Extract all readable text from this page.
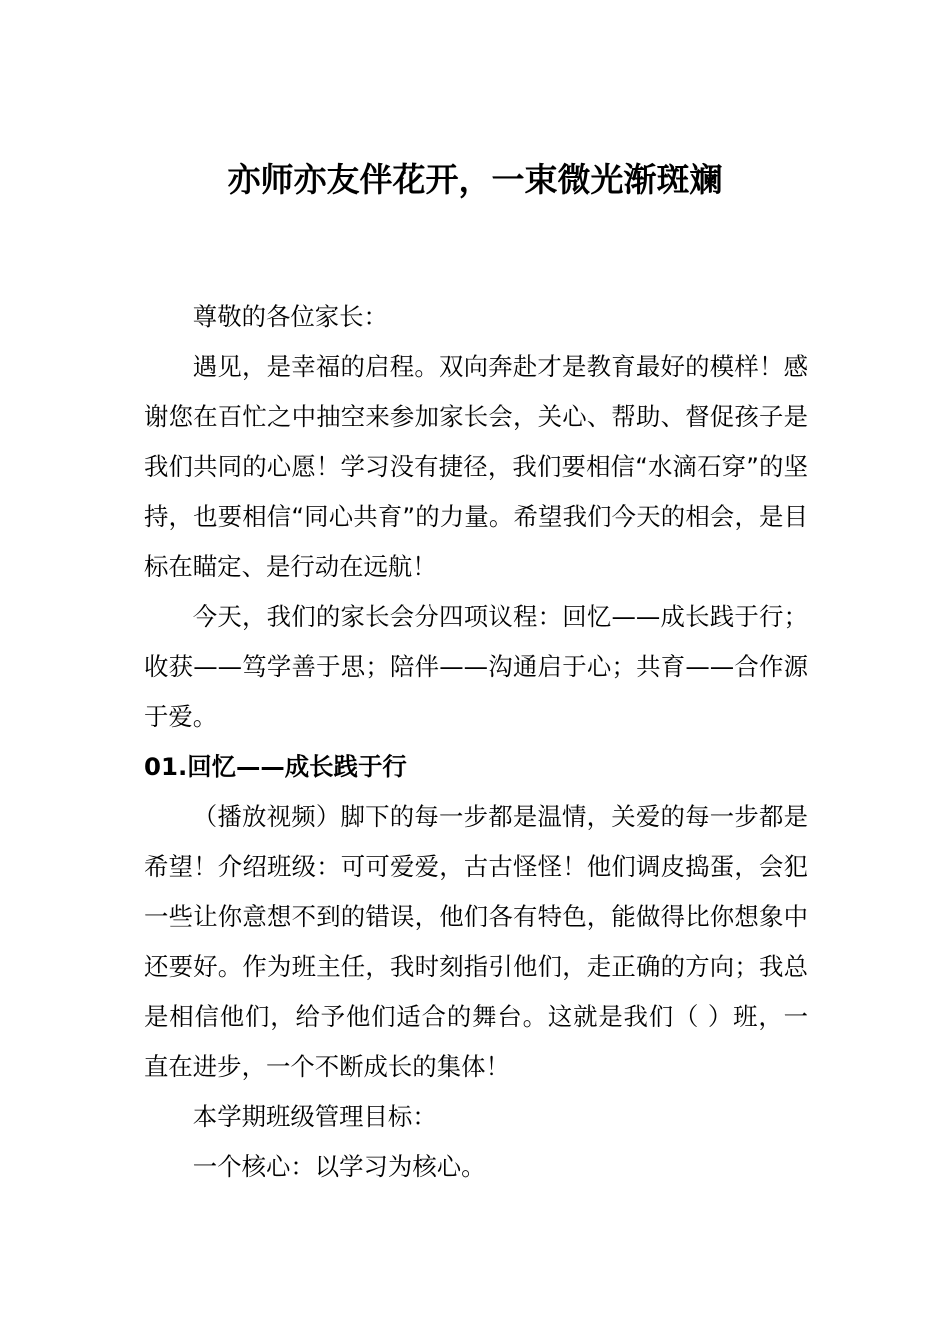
亦师亦友伴花开，一束微光渐斑斓

尊敬的各位家长：

遇见，是幸福的启程。双向奔赴才是教育最好的模样！感谢您在百忙之中抽空来参加家长会，关心、帮助、督促孩子是我们共同的心愿！学习没有捷径，我们要相信“水滴石穿”的坚持，也要相信“同心共育”的力量。希望我们今天的相会，是目标在瞄定、是行动在远航！

今天，我们的家长会分四项议程：回忆——成长践于行；收获——笃学善于思；陪伴——沟通启于心；共育——合作源于爱。

01.回忆——成长践于行

（播放视频）脚下的每一步都是温情，关爱的每一步都是希望！介绍班级：可可爱爱，古古怪怪！他们调皮捣蛋，会犯一些让你意想不到的错误，他们各有特色，能做得比你想象中还要好。作为班主任，我时刻指引他们，走正确的方向；我总是相信他们，给予他们适合的舞台。这就是我们（ ）班，一直在进步，一个不断成长的集体！

本学期班级管理目标：

一个核心：以学习为核心。
